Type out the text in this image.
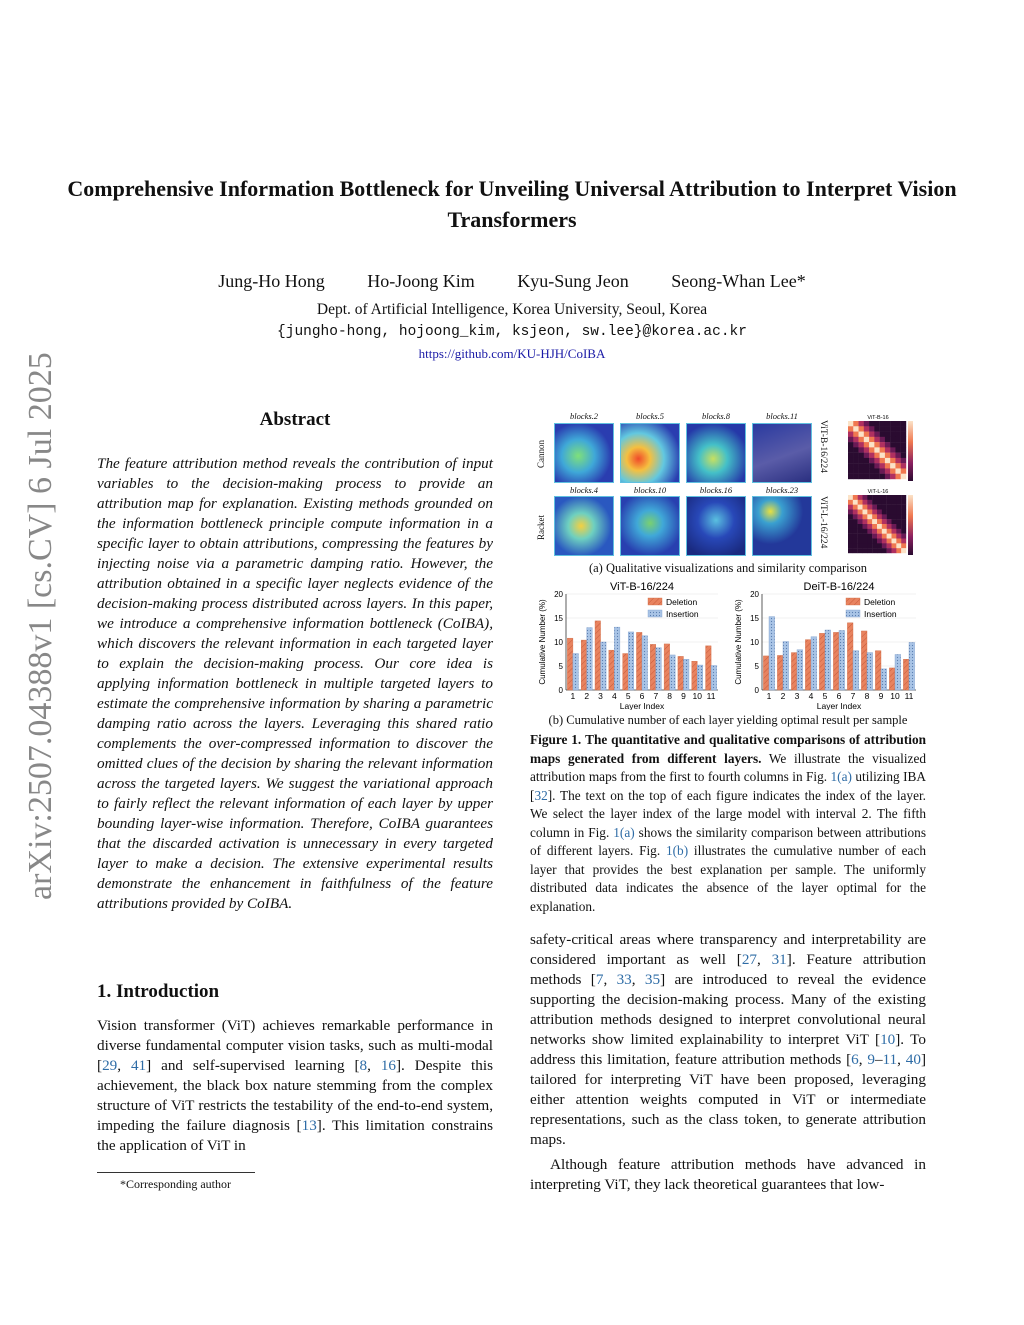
Comprehensive Information Bottleneck for Unveiling Universal Attribution to Interpret Vision Transformers
Jung-Ho Hong Ho-Joong Kim Kyu-Sung Jeon Seong-Whan Lee*
Dept. of Artificial Intelligence, Korea University, Seoul, Korea
{jungho-hong, hojoong_kim, ksjeon, sw.lee}@korea.ac.kr
https://github.com/KU-HJH/CoIBA
arXiv:2507.04388v1 [cs.CV] 6 Jul 2025	Abstract
The feature attribution method reveals the contribution of input variables to the decision-making process to provide an attribution map for explanation. Existing methods grounded on the information bottleneck principle compute information in a specific layer to obtain attributions, compressing the features by injecting noise via a parametric damping ratio. However, the attribution obtained in a specific layer neglects evidence of the decision-making process distributed across layers. In this paper, we introduce a comprehensive information bottleneck (CoIBA), which discovers the relevant information in each targeted layer to explain the decision-making process. Our core idea is applying information bottleneck in multiple targeted layers to estimate the comprehensive information by sharing a parametric damping ratio across the layers. Leveraging this shared ratio complements the over-compressed information to discover the omitted clues of the decision by sharing the relevant information across the targeted layers. We suggest the variational approach to fairly reflect the relevant information of each layer by upper bounding layer-wise information. Therefore, CoIBA guarantees that the discarded activation is unnecessary in every targeted layer to make a decision. The extensive experimental results demonstrate the enhancement in faithfulness of the feature attributions provided by CoIBA.
1. Introduction
Vision transformer (ViT) achieves remarkable performance in diverse fundamental computer vision tasks, such as multi-modal [29, 41] and self-supervised learning [8, 16]. Despite this achievement, the black box nature stemming from the complex structure of ViT restricts the testability of the end-to-end system, impeding the failure diagnosis [13]. This limitation constrains the application of ViT in
*Corresponding author
blocks.2	blocks.5	blocks.8	blocks.11
Cannon	ViT-B-16/224
blocks.4	blocks.10	blocks.16	blocks.23
Racket	ViT-L-16/224
ViT-B-16
ViT-L-16
(a) Qualitative visualizations and similarity comparison
ViT-B-16/224
0
5
10
15
20
1 2 3 4 5 6 7 8 9 10 11
Layer Index
Cumulative Number (%)	Deletion
Insertion
DeiT-B-16/224
0
5
10
15
20
1 2 3 4 5 6 7 8 9 10 11
Layer Index
Cumulative Number (%)	Deletion
Insertion
(b) Cumulative number of each layer yielding optimal result per sample
Figure 1. The quantitative and qualitative comparisons of attribution maps generated from different layers. We illustrate the visualized attribution maps from the first to fourth columns in Fig. 1(a) utilizing IBA [32]. The text on the top of each figure indicates the index of the layer. We select the layer index of the large model with interval 2. The fifth column in Fig. 1(a) shows the similarity comparison between attributions of different layers. Fig. 1(b) illustrates the cumulative number of each layer that provides the best explanation per sample. The uniformly distributed data indicates the absence of the layer optimal for the explanation.
safety-critical areas where transparency and interpretability are considered important as well [27, 31]. Feature attribution methods [7, 33, 35] are introduced to reveal the evidence supporting the decision-making process. Many of the existing attribution methods designed to interpret convolutional neural networks show limited explainability to interpret ViT [10]. To address this limitation, feature attribution methods [6, 9–11, 40] tailored for interpreting ViT have been proposed, leveraging either attention weights computed in ViT or intermediate representations, such as the class token, to generate attribution maps.
Although feature attribution methods have advanced in interpreting ViT, they lack theoretical guarantees that low-
